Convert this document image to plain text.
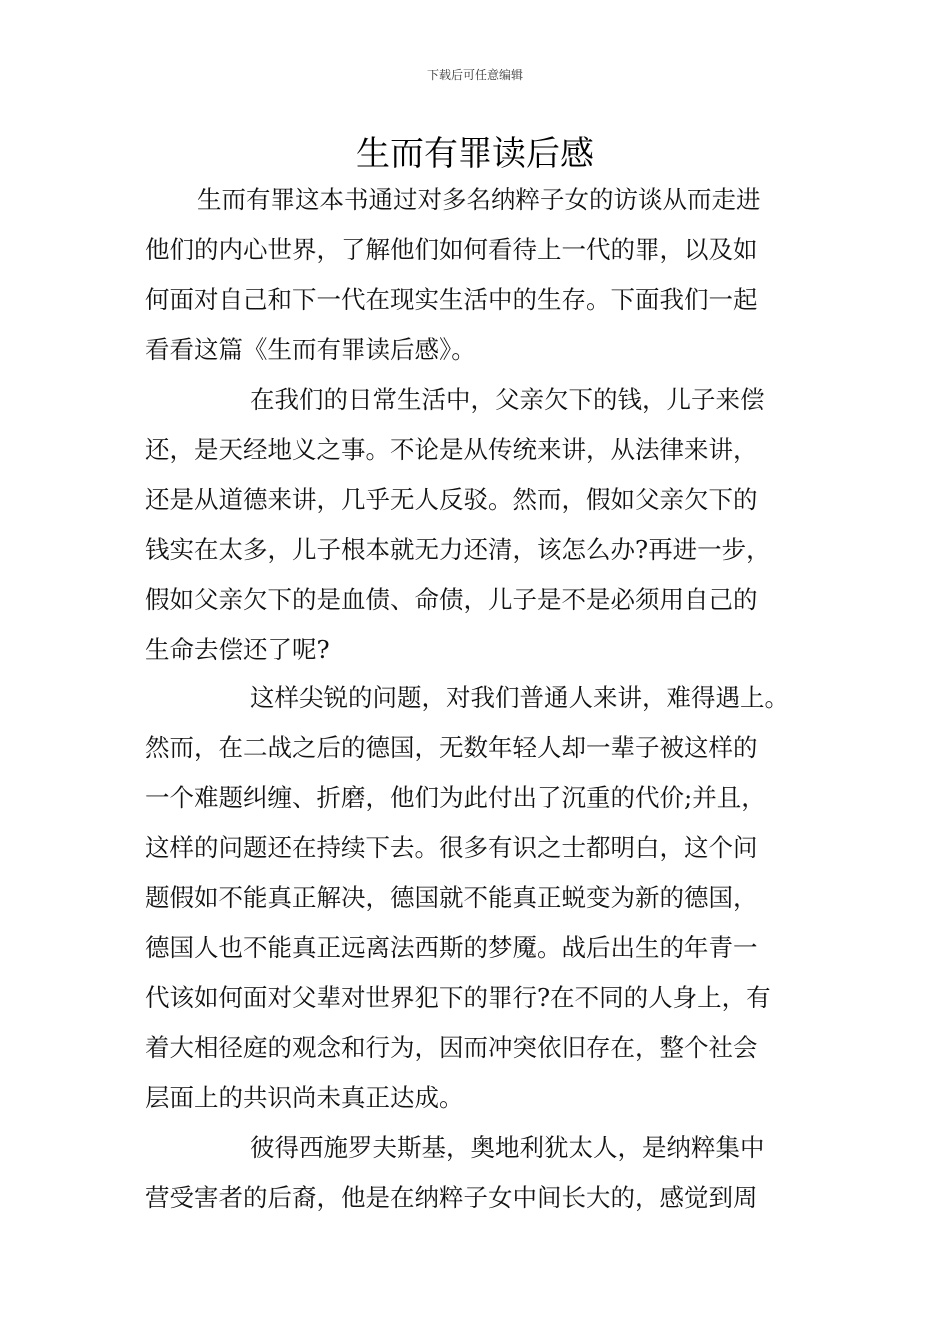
下载后可任意编辑
生而有罪读后感
生而有罪这本书通过对多名纳粹子女的访谈从而走进
他们的内心世界，了解他们如何看待上一代的罪，以及如
何面对自己和下一代在现实生活中的生存。下面我们一起
看看这篇《生而有罪读后感》。
在我们的日常生活中，父亲欠下的钱，儿子来偿
还，是天经地义之事。不论是从传统来讲，从法律来讲，
还是从道德来讲，几乎无人反驳。然而，假如父亲欠下的
钱实在太多，儿子根本就无力还清，该怎么办?再进一步，
假如父亲欠下的是血债、命债，儿子是不是必须用自己的
生命去偿还了呢?
这样尖锐的问题，对我们普通人来讲，难得遇上。
然而，在二战之后的德国，无数年轻人却一辈子被这样的
一个难题纠缠、折磨，他们为此付出了沉重的代价;并且，
这样的问题还在持续下去。很多有识之士都明白，这个问
题假如不能真正解决，德国就不能真正蜕变为新的德国，
德国人也不能真正远离法西斯的梦魇。战后出生的年青一
代该如何面对父辈对世界犯下的罪行?在不同的人身上，有
着大相径庭的观念和行为，因而冲突依旧存在，整个社会
层面上的共识尚未真正达成。
彼得西施罗夫斯基，奥地利犹太人，是纳粹集中
营受害者的后裔，他是在纳粹子女中间长大的，感觉到周
